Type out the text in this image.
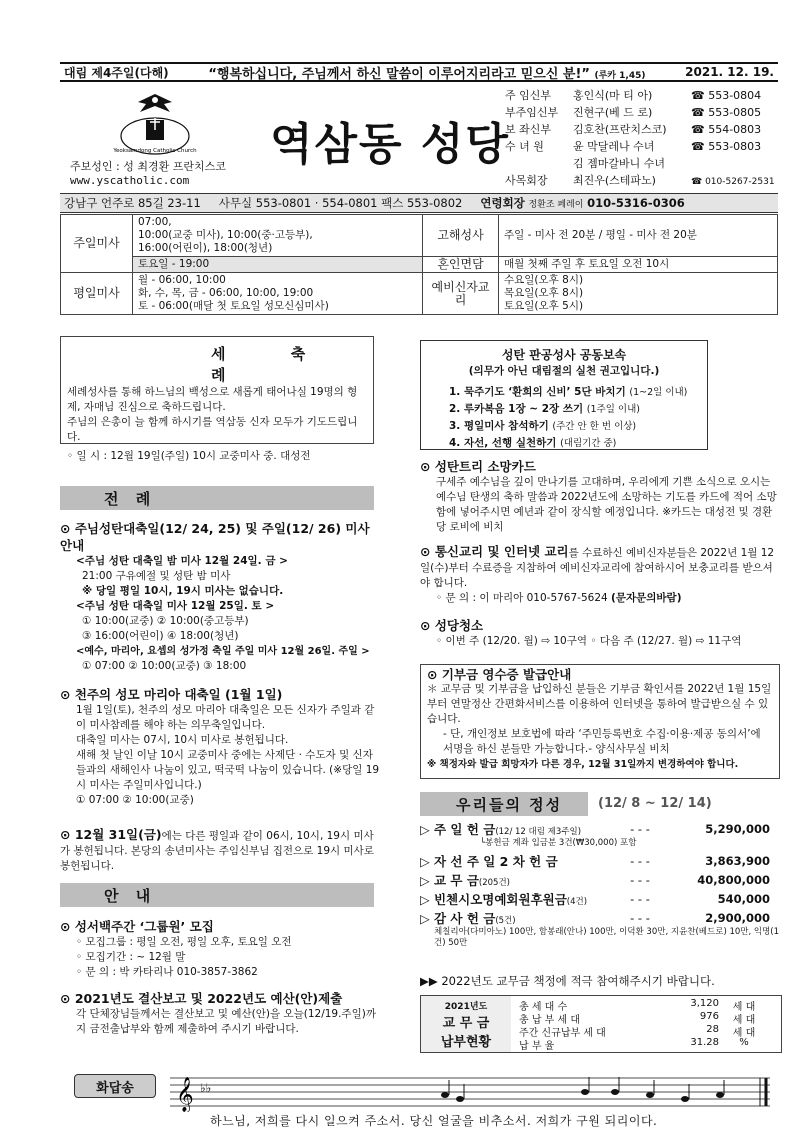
대림 제4주일(다해)	“행복하십니다, 주님께서 하신 말씀이 이루어지리라고 믿으신 분!” (루카 1,45)	2021. 12. 19.
Yeoksamdong Catholic Church 역삼동 성당
주보성인 : 성 최경환 프란치스코
www.yscatholic.com
주 임신부 홍인식(마 티 아)	☎ 553-0804
부주임신부 진현구(베 드 로)	☎ 553-0805
보 좌신부 김호찬(프란치스코) ☎ 554-0803
수 녀 원	윤 막달레나 수녀	☎ 553-0803
김 젬마갈바니 수녀
사목회장 최진우(스테파노)	☎ 010-5267-2531
강남구 언주로 85길 23-11 사무실 553-0801 · 554-0801 팩스 553-0802 연령회장 정환조 페레이 010-5316-0306
주일미사	07:00,
10:00(교중 미사), 10:00(중·고등부),
16:00(어린이), 18:00(청년)	고해성사	주일 - 미사 전 20분 / 평일 - 미사 전 20분
	토요일 - 19:00	혼인면담	매월 첫째 주일 후 토요일 오전 10시
평일미사	월 - 06:00, 10:00
화, 수, 목, 금 - 06:00, 10:00, 19:00
토 - 06:00(매달 첫 토요일 성모신심미사)	예비신자교리	수요일(오후 8시)
목요일(오후 8시)
토요일(오후 5시)
세 축 례
세례성사를 통해 하느님의 백성으로 새롭게 태어나실 19명의 형제, 자매님 진심으로 축하드립니다.
주님의 은총이 늘 함께 하시기를 역삼동 신자 모두가 기도드립니다.
◦ 일 시 : 12월 19일(주일) 10시 교중미사 중. 대성전
성탄 판공성사 공동보속
(의무가 아닌 대림절의 실천 권고입니다.)
1. 묵주기도 ‘환희의 신비’ 5단 바치기 (1~2일 이내)
2. 루카복음 1장 ~ 2장 쓰기 (1주일 이내)
3. 평일미사 참석하기 (주간 안 한 번 이상)
4. 자선, 선행 실천하기 (대림기간 중)
⊙ 성탄트리 소망카드
구세주 예수님을 깊이 만나기를 고대하며, 우리에게 기쁜 소식으로 오시는 예수님 탄생의 축하 말씀과 2022년도에 소망하는 기도를 카드에 적어 소망함에 넣어주시면 예년과 같이 장식할 예정입니다. ※카드는 대성전 및 경환당 로비에 비치
⊙ 통신교리 및 인터넷 교리를 수료하신 예비신자분들은 2022년 1월 12일(수)부터 수료증을 지참하여 예비신자교리에 참여하시어 보충교리를 받으셔야 합니다.
◦ 문 의 : 이 마리아 010-5767-5624 (문자문의바람)
⊙ 성당청소
◦ 이번 주 (12/20. 월) ⇨ 10구역 ◦ 다음 주 (12/27. 월) ⇨ 11구역
⊙ 기부금 영수증 발급안내
＊ 교무금 및 기부금을 납입하신 분들은 기부금 확인서를 2022년 1월 15일부터 연말정산 간편화서비스를 이용하여 인터넷을 통하여 발급받으실 수 있습니다.
- 단, 개인정보 보호법에 따라 ‘주민등록번호 수집·이용·제공 동의서’에 서명을 하신 분들만 가능합니다.- 양식사무실 비치
※ 책정자와 발급 희망자가 다른 경우, 12월 31일까지 변경하여야 합니다.
전 례
안 내
우리들의 정성	(12/ 8 ~ 12/ 14)
⊙ 주님성탄대축일(12/ 24, 25) 및 주일(12/ 26) 미사 안내
<주님 성탄 대축일 밤 미사 12월 24일. 금 >
21:00 구유예절 및 성탄 밤 미사
※ 당일 평일 10시, 19시 미사는 없습니다.
<주님 성탄 대축일 미사 12월 25일. 토 >
① 10:00(교중) ② 10:00(중고등부)
③ 16:00(어린이) ④ 18:00(청년)
<예수, 마리아, 요셉의 성가정 축일 주일 미사 12월 26일. 주일 >
① 07:00 ② 10:00(교중) ③ 18:00
⊙ 천주의 성모 마리아 대축일 (1월 1일)
1월 1일(토), 천주의 성모 마리아 대축일은 모든 신자가 주일과 같이 미사참례를 해야 하는 의무축일입니다.
대축일 미사는 07시, 10시 미사로 봉헌됩니다.
새해 첫 날인 이날 10시 교중미사 중에는 사제단 · 수도자 및 신자들과의 새해인사 나눔이 있고, 떡국떡 나눔이 있습니다. (※당일 19시 미사는 주일미사입니다.)
① 07:00 ② 10:00(교중)
⊙ 12월 31일(금)에는 다른 평일과 같이 06시, 10시, 19시 미사가 봉헌됩니다. 본당의 송년미사는 주임신부님 집전으로 19시 미사로 봉헌됩니다.
⊙ 성서백주간 ‘그룹원’ 모집
◦ 모집그룹 : 평일 오전, 평일 오후, 토요일 오전
◦ 모집기간 : ~ 12월 말
◦ 문 의 : 박 카타리나 010-3857-3862
⊙ 2021년도 결산보고 및 2022년도 예산(안)제출
각 단체장님들께서는 결산보고 및 예산(안)을 오늘(12/19.주일)까지 금전출납부와 함께 제출하여 주시기 바랍니다.
▷ 주 일 헌 금(12/ 12 대림 제3주일)	- - -	5,290,000
└봉헌금 계좌 입금분 3건(₩30,000) 포함
▷ 자 선 주 일 2 차 헌 금	- - -	3,863,900
▷ 교 무 금(205건)	- - -	40,800,000
▷ 빈첸시오명예회원후원금(4건)	- - -	540,000
▷ 감 사 헌 금(5건)	- - -	2,900,000
체칠리아(다미아노) 100만, 함봉래(안나) 100만, 이덕환 30만, 지윤찬(베드로) 10만, 익명(1건) 50만
▶▶ 2022년도 교무금 책정에 적극 참여해주시기 바랍니다.
2021년도
교 무 금
납부현황
총 세 대 수	3,120	세 대
총 납 부 세 대	976	세 대
주간 신규납부 세 대	28	세 대
납 부 율	31.28	%
화답송	𝄞 ♭♭
하느님, 저희를 다시 일으켜 주소서. 당신 얼굴을 비추소서. 저희가 구원 되리이다.
